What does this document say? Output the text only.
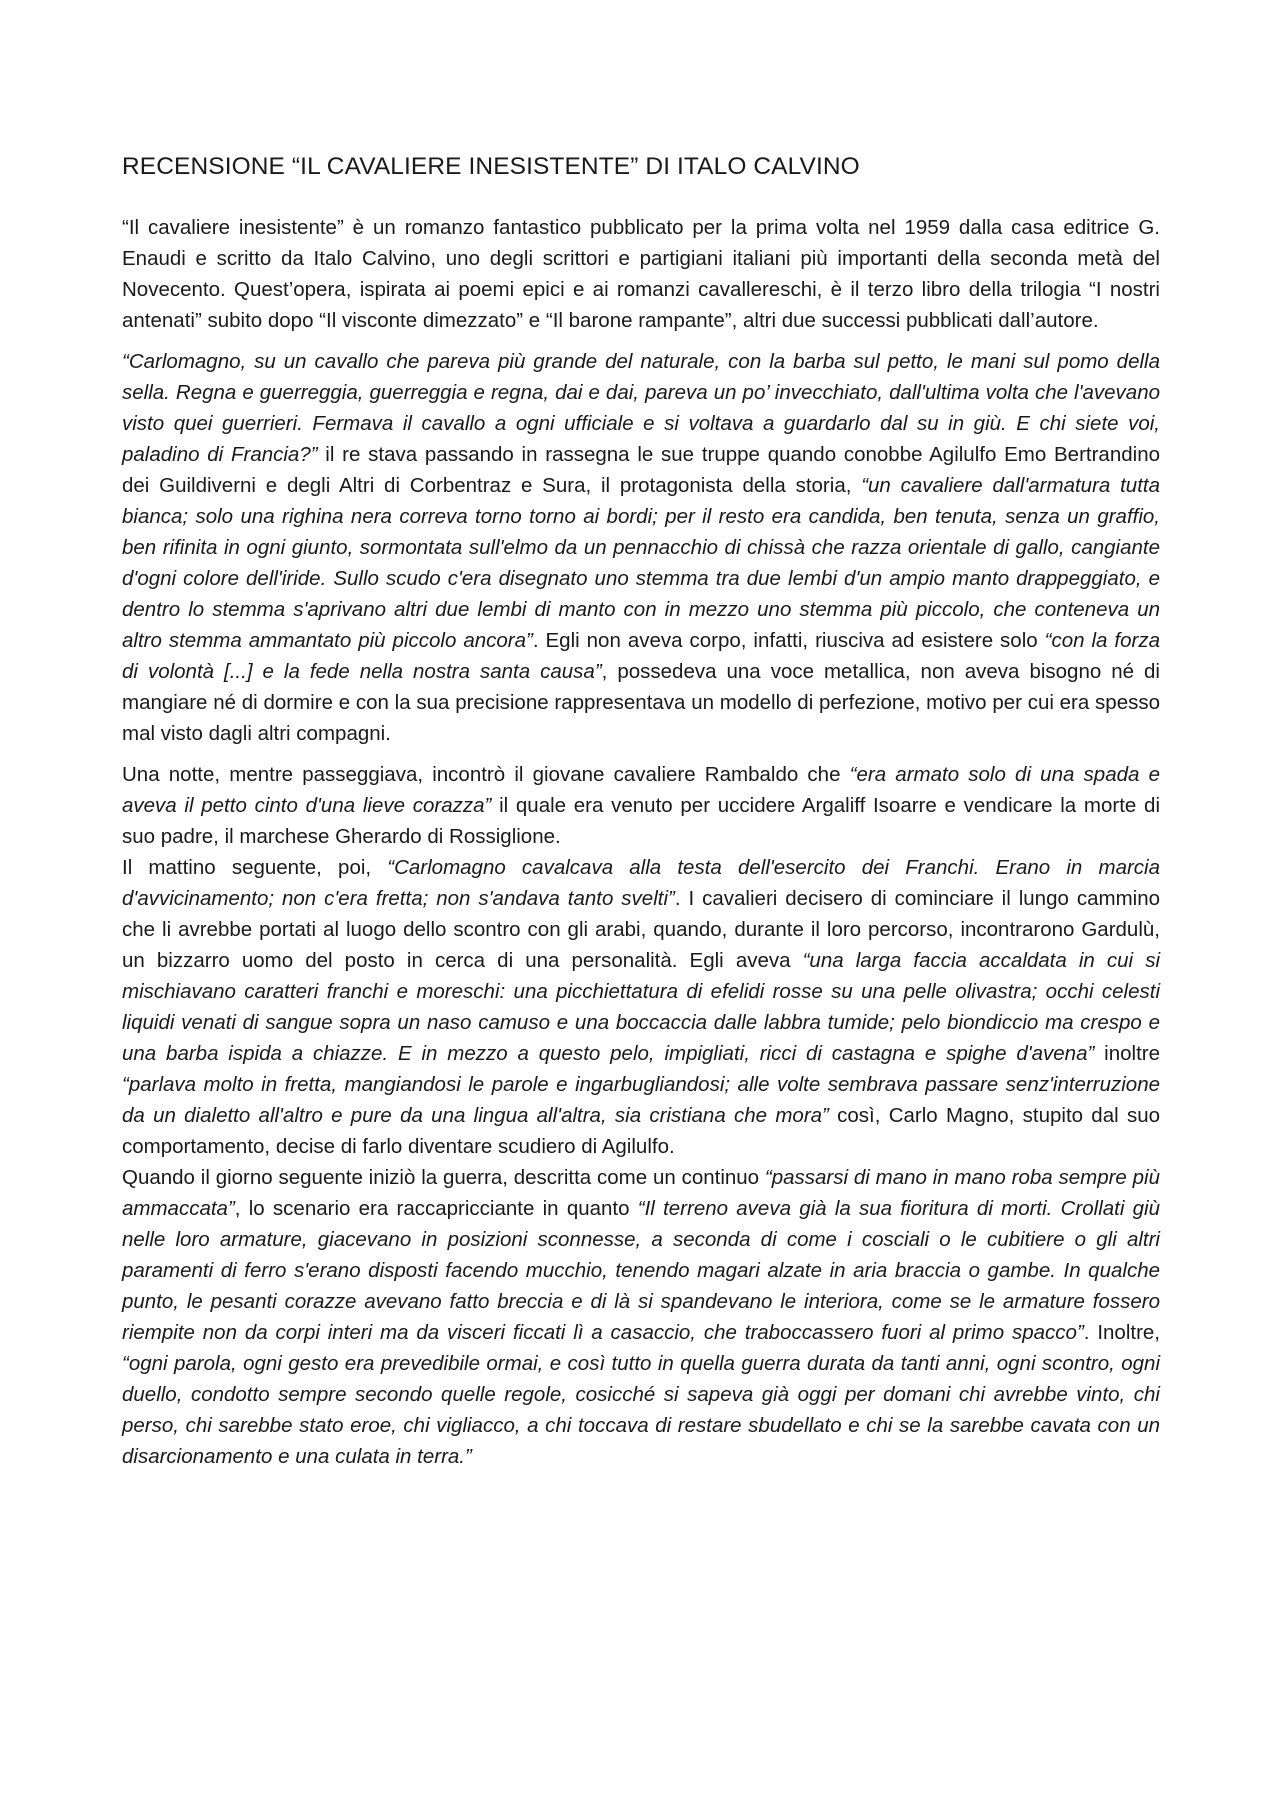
RECENSIONE “IL CAVALIERE INESISTENTE” DI ITALO CALVINO

“Il cavaliere inesistente” è un romanzo fantastico pubblicato per la prima volta nel 1959 dalla casa editrice G. Enaudi e scritto da Italo Calvino, uno degli scrittori e partigiani italiani più importanti della seconda metà del Novecento. Quest’opera, ispirata ai poemi epici e ai romanzi cavallereschi, è il terzo libro della trilogia “I nostri antenati” subito dopo “Il visconte dimezzato” e “Il barone rampante”, altri due successi pubblicati dall’autore.

“Carlomagno, su un cavallo che pareva più grande del naturale, con la barba sul petto, le mani sul pomo della sella. Regna e guerreggia, guerreggia e regna, dai e dai, pareva un po’ invecchiato, dall'ultima volta che l'avevano visto quei guerrieri. Fermava il cavallo a ogni ufficiale e si voltava a guardarlo dal su in giù. E chi siete voi, paladino di Francia?” il re stava passando in rassegna le sue truppe quando conobbe Agilulfo Emo Bertrandino dei Guildiverni e degli Altri di Corbentraz e Sura, il protagonista della storia, “un cavaliere dall'armatura tutta bianca; solo una righina nera correva torno torno ai bordi; per il resto era candida, ben tenuta, senza un graffio, ben rifinita in ogni giunto, sormontata sull'elmo da un pennacchio di chissà che razza orientale di gallo, cangiante d'ogni colore dell'iride. Sullo scudo c'era disegnato uno stemma tra due lembi d'un ampio manto drappeggiato, e dentro lo stemma s'aprivano altri due lembi di manto con in mezzo uno stemma più piccolo, che conteneva un altro stemma ammantato più piccolo ancora”. Egli non aveva corpo, infatti, riusciva ad esistere solo “con la forza di volontà [...] e la fede nella nostra santa causa”, possedeva una voce metallica, non aveva bisogno né di mangiare né di dormire e con la sua precisione rappresentava un modello di perfezione, motivo per cui era spesso mal visto dagli altri compagni.

Una notte, mentre passeggiava, incontrò il giovane cavaliere Rambaldo che “era armato solo di una spada e aveva il petto cinto d'una lieve corazza” il quale era venuto per uccidere Argaliff Isoarre e vendicare la morte di suo padre, il marchese Gherardo di Rossiglione.

Il mattino seguente, poi, “Carlomagno cavalcava alla testa dell'esercito dei Franchi. Erano in marcia d'avvicinamento; non c'era fretta; non s'andava tanto svelti”. I cavalieri decisero di cominciare il lungo cammino che li avrebbe portati al luogo dello scontro con gli arabi, quando, durante il loro percorso, incontrarono Gardulù, un bizzarro uomo del posto in cerca di una personalità. Egli aveva “una larga faccia accaldata in cui si mischiavano caratteri franchi e moreschi: una picchiettatura di efelidi rosse su una pelle olivastra; occhi celesti liquidi venati di sangue sopra un naso camuso e una boccaccia dalle labbra tumide; pelo biondiccio ma crespo e una barba ispida a chiazze. E in mezzo a questo pelo, impigliati, ricci di castagna e spighe d'avena” inoltre “parlava molto in fretta, mangiandosi le parole e ingarbugliandosi; alle volte sembrava passare senz'interruzione da un dialetto all'altro e pure da una lingua all'altra, sia cristiana che mora” così, Carlo Magno, stupito dal suo comportamento, decise di farlo diventare scudiero di Agilulfo.

Quando il giorno seguente iniziò la guerra, descritta come un continuo “passarsi di mano in mano roba sempre più ammaccata”, lo scenario era raccapricciante in quanto “Il terreno aveva già la sua fioritura di morti. Crollati giù nelle loro armature, giacevano in posizioni sconnesse, a seconda di come i cosciali o le cubitiere o gli altri paramenti di ferro s'erano disposti facendo mucchio, tenendo magari alzate in aria braccia o gambe. In qualche punto, le pesanti corazze avevano fatto breccia e di là si spandevano le interiora, come se le armature fossero riempite non da corpi interi ma da visceri ficcati lì a casaccio, che traboccassero fuori al primo spacco”. Inoltre, “ogni parola, ogni gesto era prevedibile ormai, e così tutto in quella guerra durata da tanti anni, ogni scontro, ogni duello, condotto sempre secondo quelle regole, cosicché si sapeva già oggi per domani chi avrebbe vinto, chi perso, chi sarebbe stato eroe, chi vigliacco, a chi toccava di restare sbudellato e chi se la sarebbe cavata con un disarcionamento e una culata in terra.”
